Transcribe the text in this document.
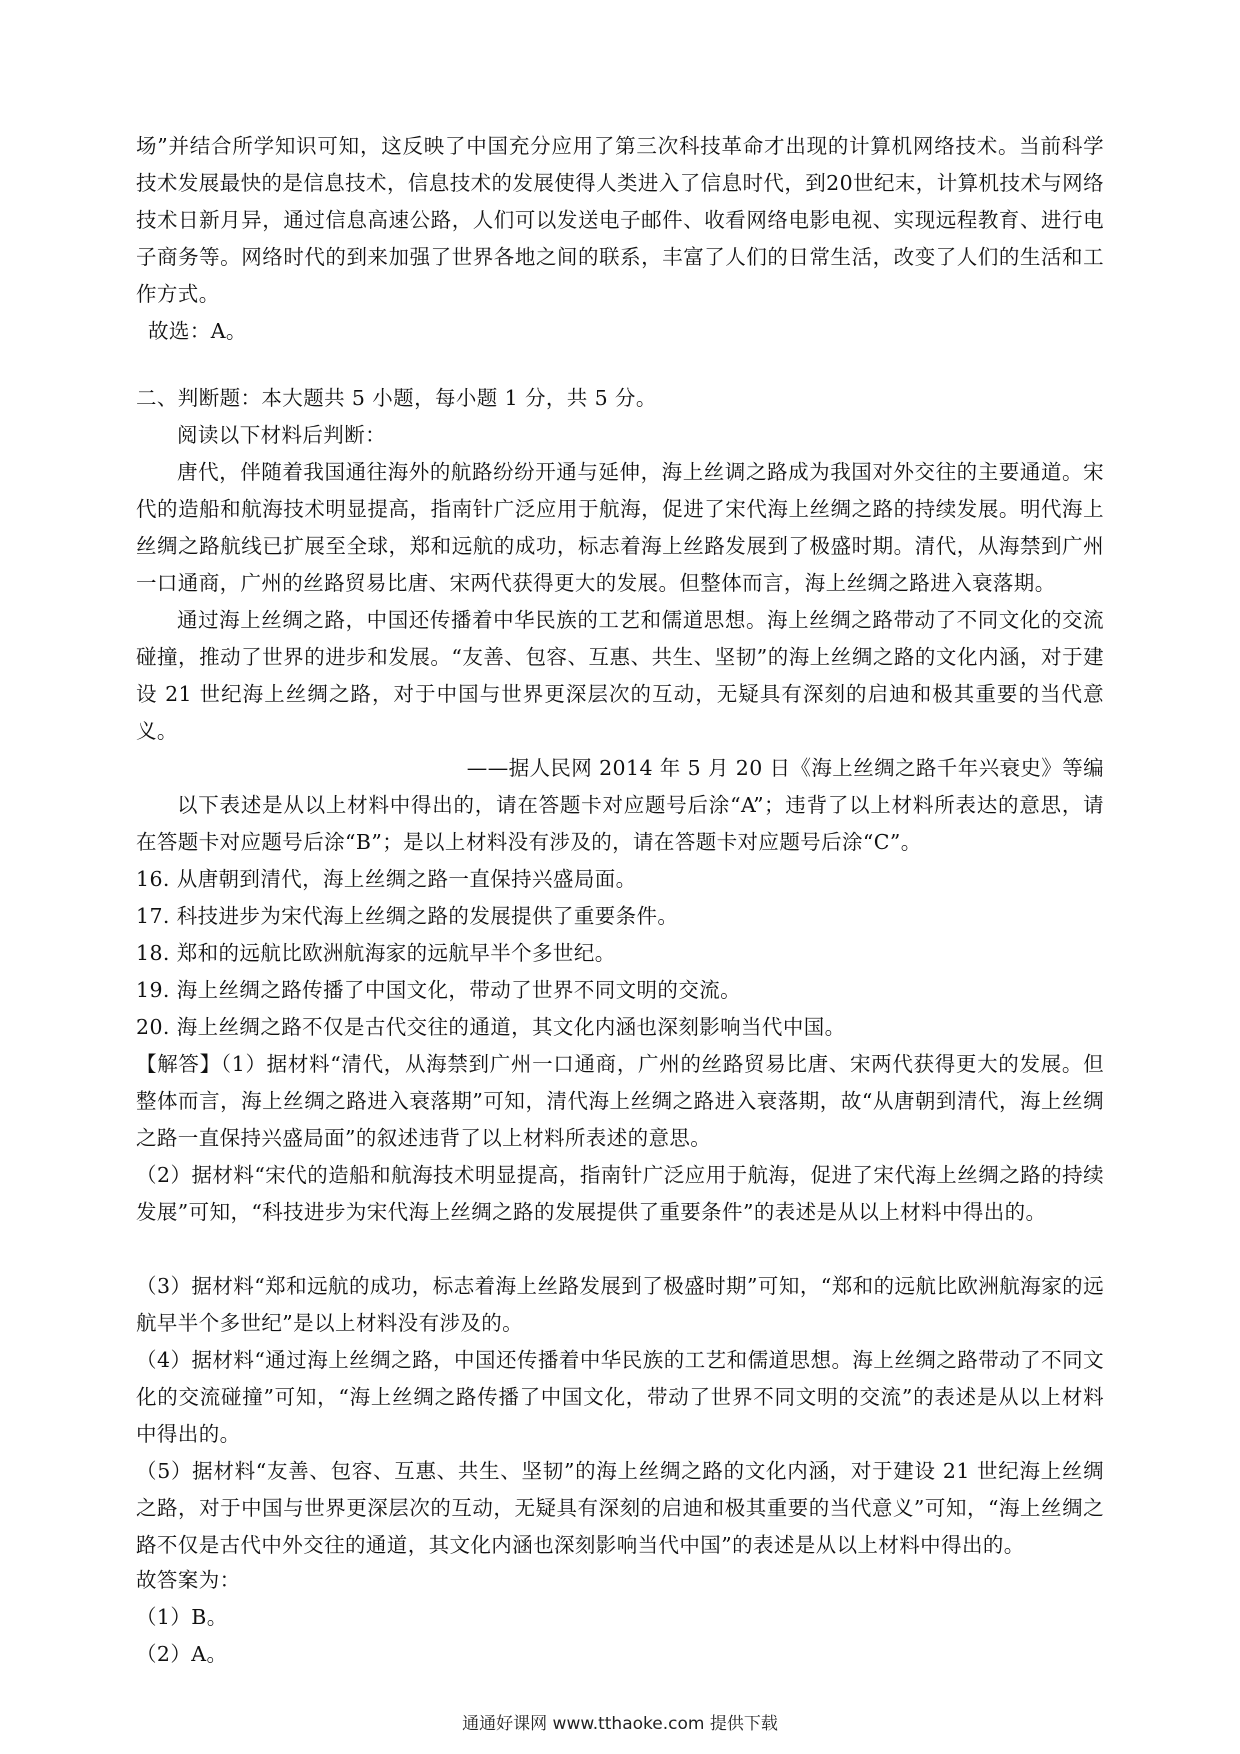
场”并结合所学知识可知，这反映了中国充分应用了第三次科技革命才出现的计算机网络技术。当前科学技术发展最快的是信息技术，信息技术的发展使得人类进入了信息时代，到20世纪末，计算机技术与网络技术日新月异，通过信息高速公路，人们可以发送电子邮件、收看网络电影电视、实现远程教育、进行电子商务等。网络时代的到来加强了世界各地之间的联系，丰富了人们的日常生活，改变了人们的生活和工作方式。

故选：A。

二、判断题：本大题共 5 小题，每小题 1 分，共 5 分。

阅读以下材料后判断：

唐代，伴随着我国通往海外的航路纷纷开通与延伸，海上丝调之路成为我国对外交往的主要通道。宋代的造船和航海技术明显提高，指南针广泛应用于航海，促进了宋代海上丝绸之路的持续发展。明代海上丝绸之路航线已扩展至全球，郑和远航的成功，标志着海上丝路发展到了极盛时期。清代，从海禁到广州一口通商，广州的丝路贸易比唐、宋两代获得更大的发展。但整体而言，海上丝绸之路进入衰落期。

通过海上丝绸之路，中国还传播着中华民族的工艺和儒道思想。海上丝绸之路带动了不同文化的交流碰撞，推动了世界的进步和发展。“友善、包容、互惠、共生、坚韧”的海上丝绸之路的文化内涵，对于建设 21 世纪海上丝绸之路，对于中国与世界更深层次的互动，无疑具有深刻的启迪和极其重要的当代意义。

——据人民网 2014 年 5 月 20 日《海上丝绸之路千年兴衰史》等编

以下表述是从以上材料中得出的，请在答题卡对应题号后涂“A”；违背了以上材料所表达的意思，请在答题卡对应题号后涂“B”；是以上材料没有涉及的，请在答题卡对应题号后涂“C”。

16. 从唐朝到清代，海上丝绸之路一直保持兴盛局面。

17. 科技进步为宋代海上丝绸之路的发展提供了重要条件。

18. 郑和的远航比欧洲航海家的远航早半个多世纪。

19. 海上丝绸之路传播了中国文化，带动了世界不同文明的交流。

20. 海上丝绸之路不仅是古代交往的通道，其文化内涵也深刻影响当代中国。

【解答】（1）据材料“清代，从海禁到广州一口通商，广州的丝路贸易比唐、宋两代获得更大的发展。但整体而言，海上丝绸之路进入衰落期”可知，清代海上丝绸之路进入衰落期，故“从唐朝到清代，海上丝绸之路一直保持兴盛局面”的叙述违背了以上材料所表述的意思。

（2）据材料“宋代的造船和航海技术明显提高，指南针广泛应用于航海，促进了宋代海上丝绸之路的持续发展”可知，“科技进步为宋代海上丝绸之路的发展提供了重要条件”的表述是从以上材料中得出的。

（3）据材料“郑和远航的成功，标志着海上丝路发展到了极盛时期”可知，“郑和的远航比欧洲航海家的远航早半个多世纪”是以上材料没有涉及的。

（4）据材料“通过海上丝绸之路，中国还传播着中华民族的工艺和儒道思想。海上丝绸之路带动了不同文化的交流碰撞”可知，“海上丝绸之路传播了中国文化，带动了世界不同文明的交流”的表述是从以上材料中得出的。

（5）据材料“友善、包容、互惠、共生、坚韧”的海上丝绸之路的文化内涵，对于建设 21 世纪海上丝绸之路，对于中国与世界更深层次的互动，无疑具有深刻的启迪和极其重要的当代意义”可知，“海上丝绸之路不仅是古代中外交往的通道，其文化内涵也深刻影响当代中国”的表述是从以上材料中得出的。

故答案为：

（1）B。

（2）A。

通通好课网 www.tthaoke.com 提供下载
